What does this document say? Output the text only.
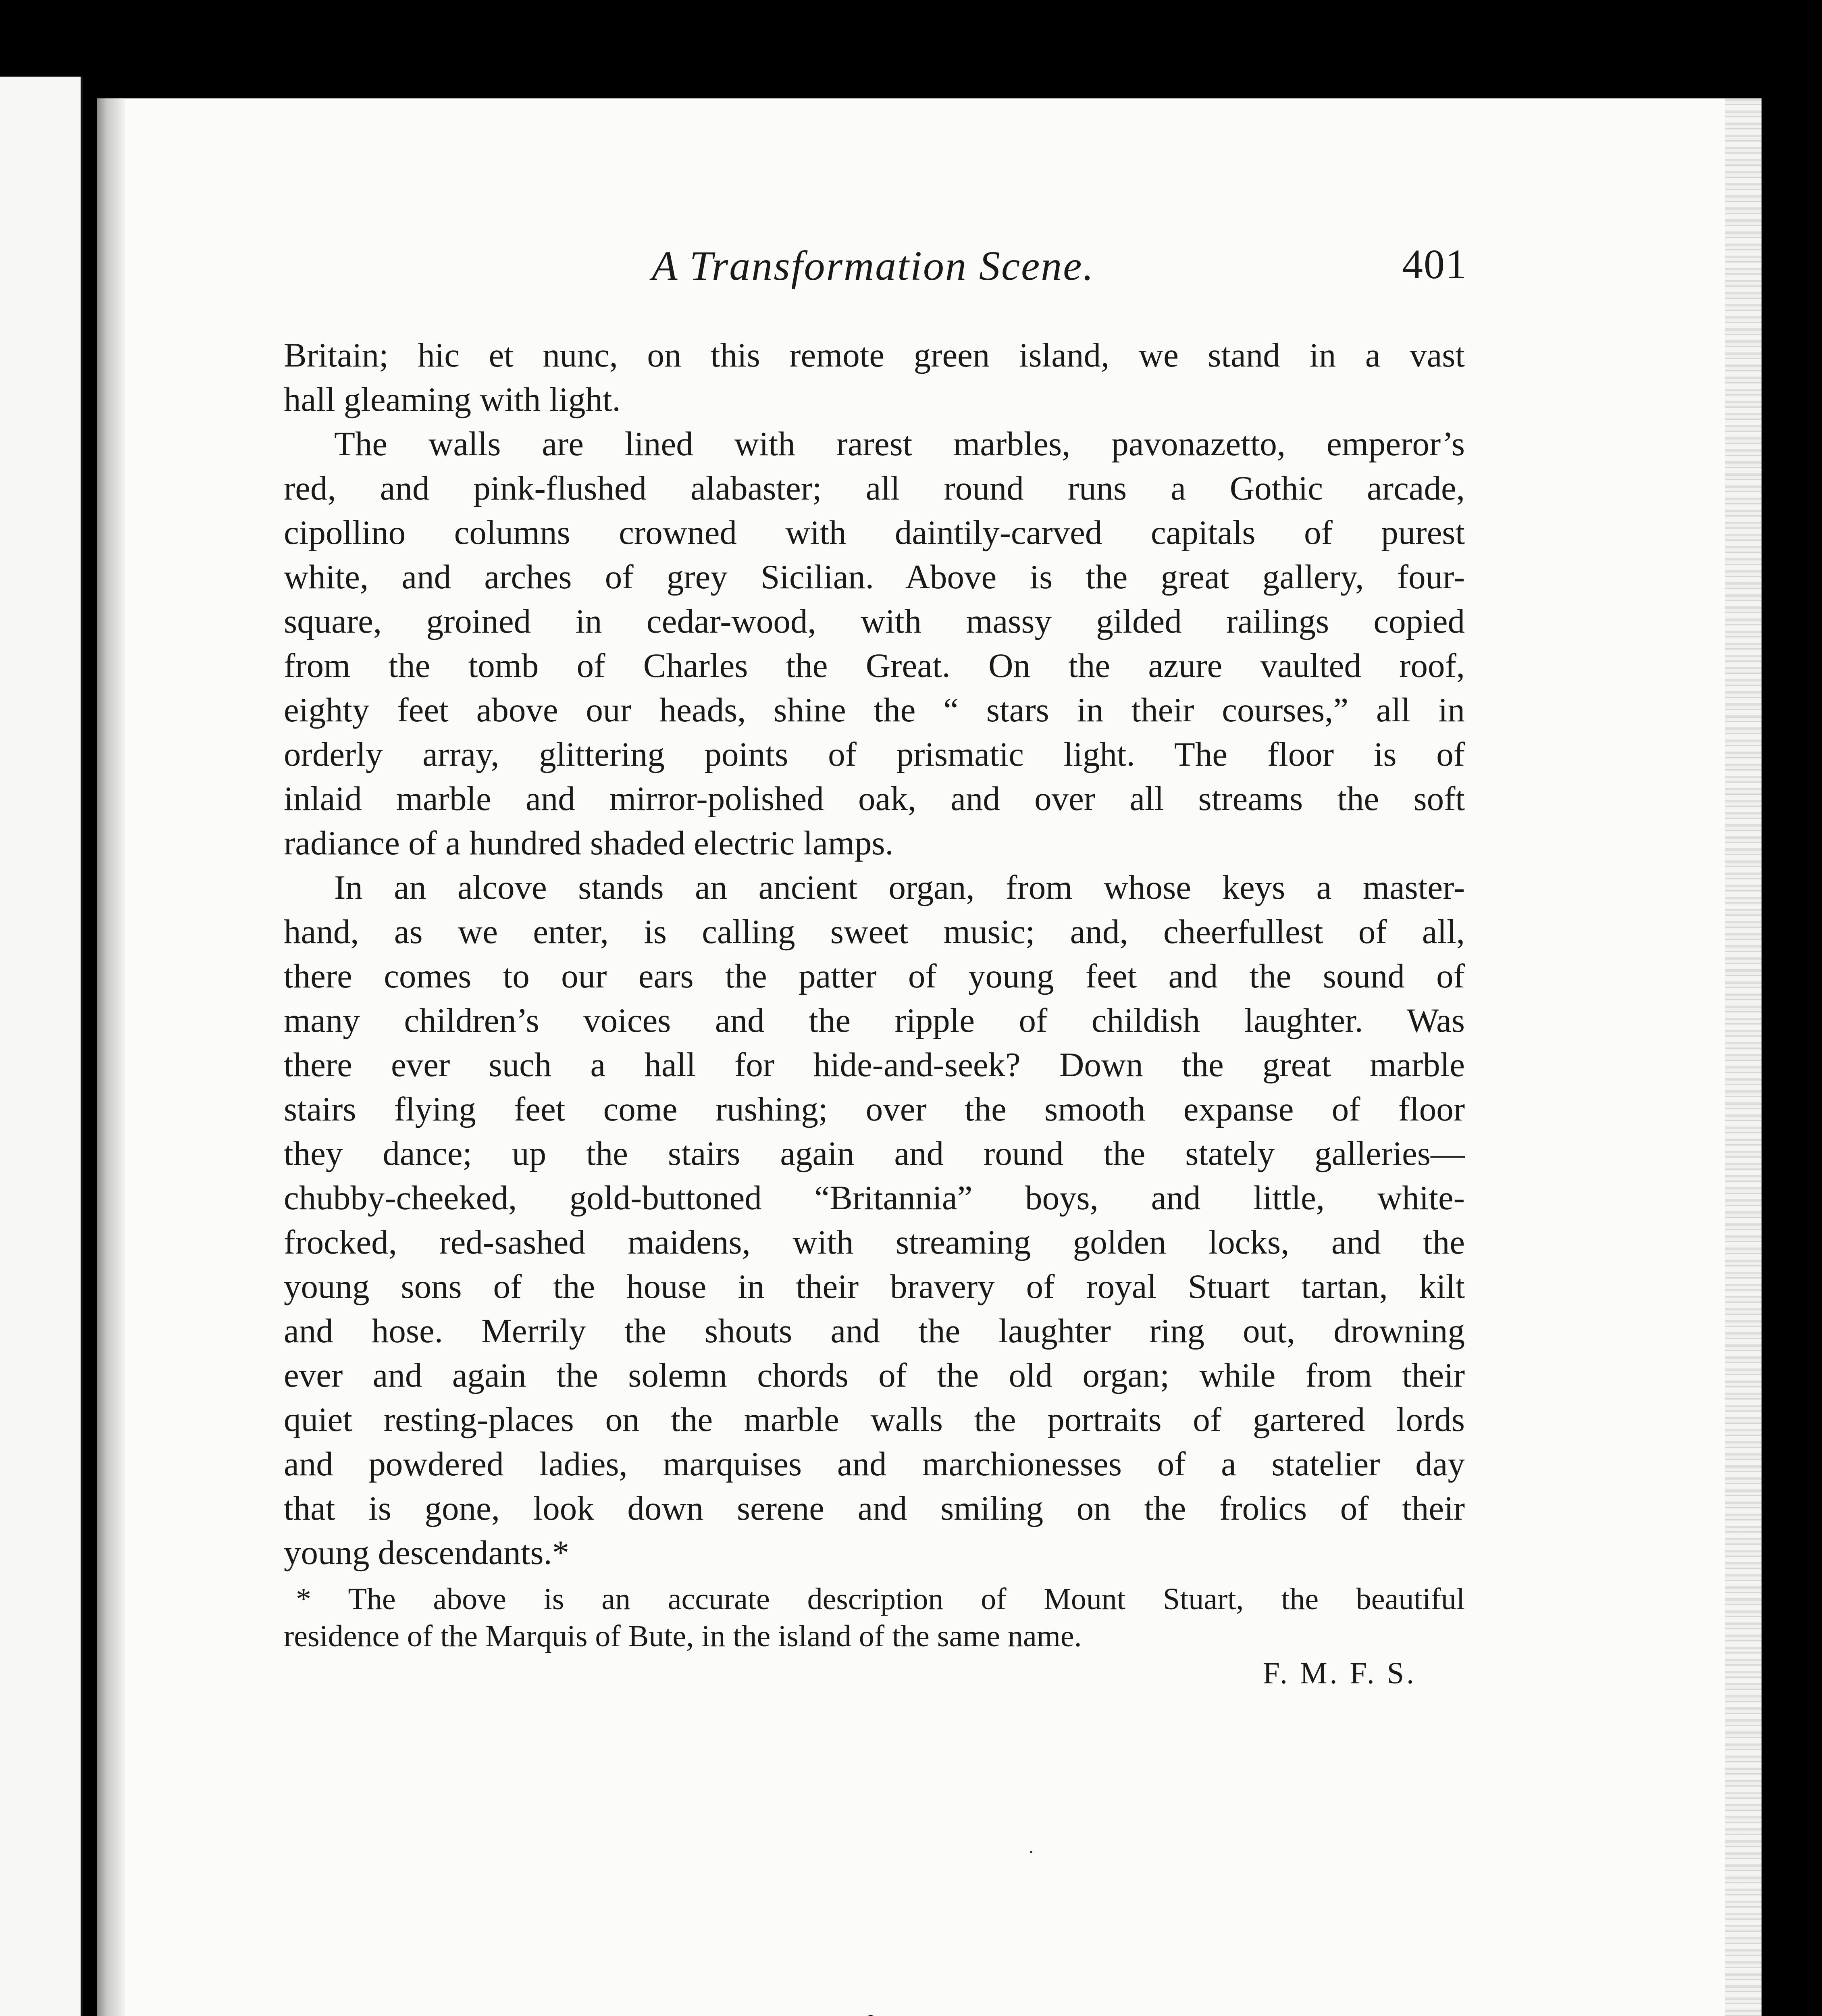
A Transformation Scene.	401
Britain; hic et nunc, on this remote green island, we stand in a vast
hall gleaming with light.
The walls are lined with rarest marbles, pavonazetto, emperor’s
red, and pink-flushed alabaster; all round runs a Gothic arcade,
cipollino columns crowned with daintily-carved capitals of purest
white, and arches of grey Sicilian. Above is the great gallery, four-
square, groined in cedar-wood, with massy gilded railings copied
from the tomb of Charles the Great. On the azure vaulted roof,
eighty feet above our heads, shine the “ stars in their courses,” all in
orderly array, glittering points of prismatic light. The floor is of
inlaid marble and mirror-polished oak, and over all streams the soft
radiance of a hundred shaded electric lamps.
In an alcove stands an ancient organ, from whose keys a master-
hand, as we enter, is calling sweet music; and, cheerfullest of all,
there comes to our ears the patter of young feet and the sound of
many children’s voices and the ripple of childish laughter. Was
there ever such a hall for hide-and-seek? Down the great marble
stairs flying feet come rushing; over the smooth expanse of floor
they dance; up the stairs again and round the stately galleries—
chubby-cheeked, gold-buttoned “Britannia” boys, and little, white-
frocked, red-sashed maidens, with streaming golden locks, and the
young sons of the house in their bravery of royal Stuart tartan, kilt
and hose. Merrily the shouts and the laughter ring out, drowning
ever and again the solemn chords of the old organ; while from their
quiet resting-places on the marble walls the portraits of gartered lords
and powdered ladies, marquises and marchionesses of a statelier day
that is gone, look down serene and smiling on the frolics of their
young descendants.*
* The above is an accurate description of Mount Stuart, the beautiful
residence of the Marquis of Bute, in the island of the same name.
F. M. F. S.
